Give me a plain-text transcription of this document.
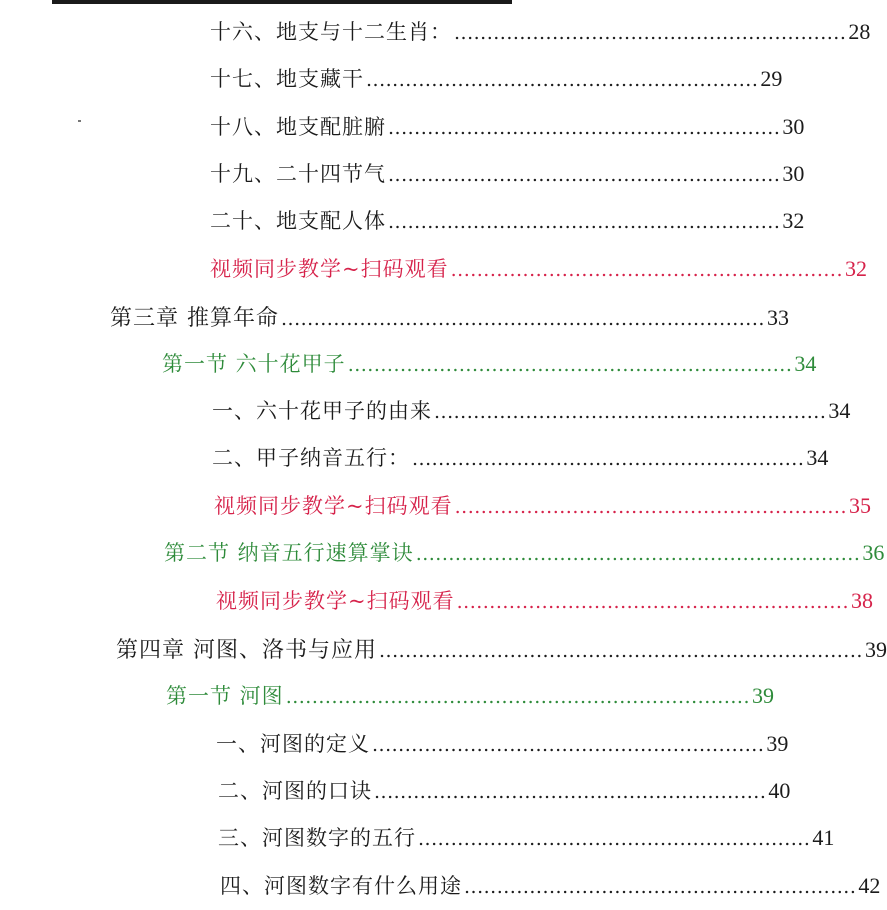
十六、地支与十二生肖： ............................................................ 28
十七、地支藏干 ............................................................ 29
十八、地支配脏腑 ............................................................ 30
十九、二十四节气 ............................................................ 30
二十、地支配人体 ............................................................ 32
视频同步教学~扫码观看 ............................................................ 32
第三章 推算年命 .......................................................................... 33
第一节 六十花甲子 .................................................................... 34
一、六十花甲子的由来 ............................................................ 34
二、甲子纳音五行： ............................................................ 34
视频同步教学~扫码观看 ............................................................ 35
第二节 纳音五行速算掌诀 .................................................................... 36
视频同步教学~扫码观看 ............................................................ 38
第四章 河图、洛书与应用 .......................................................................... 39
第一节 河图 ....................................................................... 39
一、河图的定义 ............................................................ 39
二、河图的口诀 ............................................................ 40
三、河图数字的五行 ............................................................ 41
四、河图数字有什么用途 ............................................................ 42
